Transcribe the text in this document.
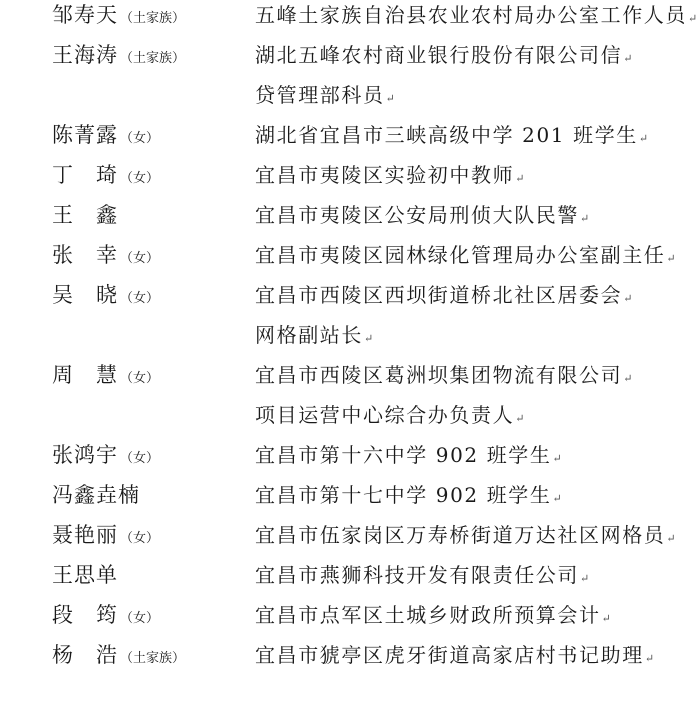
邹寿天 （土家族）	五峰土家族自治县农业农村局办公室工作人员↵
王海涛 （土家族）	湖北五峰农村商业银行股份有限公司信↵
贷管理部科员↵
陈菁露 （女）	湖北省宜昌市三峡高级中学 201 班学生↵
丁　琦 （女）	宜昌市夷陵区实验初中教师↵
王　鑫	宜昌市夷陵区公安局刑侦大队民警↵
张　幸 （女）	宜昌市夷陵区园林绿化管理局办公室副主任↵
吴　晓 （女）	宜昌市西陵区西坝街道桥北社区居委会↵
网格副站长↵
周　慧 （女）	宜昌市西陵区葛洲坝集团物流有限公司↵
项目运营中心综合办负责人↵
张鸿宇 （女）	宜昌市第十六中学 902 班学生↵
冯鑫垚楠	宜昌市第十七中学 902 班学生↵
聂艳丽 （女）	宜昌市伍家岗区万寿桥街道万达社区网格员↵
王思单	宜昌市燕狮科技开发有限责任公司↵
段　筠 （女）	宜昌市点军区土城乡财政所预算会计↵
杨　浩 （土家族）	宜昌市猇亭区虎牙街道高家店村书记助理↵
